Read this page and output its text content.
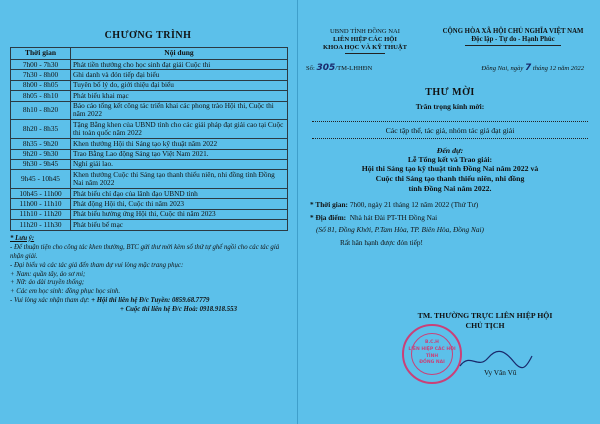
CHƯƠNG TRÌNH
Thời gian	Nội dung
7h00 - 7h30	Phát tiền thưởng cho học sinh đạt giải Cuộc thi
7h30 - 8h00	Ghi danh và đón tiếp đại biểu
8h00 - 8h05	Tuyên bố lý do, giới thiệu đại biểu
8h05 - 8h10	Phát biểu khai mạc
8h10 - 8h20	Báo cáo tổng kết công tác triển khai các phong trào Hội thi, Cuộc thi năm 2022
8h20 - 8h35	Tặng Bằng khen của UBND tỉnh cho các giải pháp đạt giải cao tại Cuộc thi toàn quốc năm 2022
8h35 - 9h20	Khen thưởng Hội thi Sáng tạo kỹ thuật năm 2022
9h20 - 9h30	Trao Bằng Lao động Sáng tạo Việt Nam 2021.
9h30 - 9h45	Nghỉ giải lao.
9h45 - 10h45	Khen thưởng Cuộc thi Sáng tạo thanh thiếu niên, nhi đồng tỉnh Đồng Nai năm 2022
10h45 - 11h00	Phát biểu chỉ đạo của lãnh đạo UBND tỉnh
11h00 - 11h10	Phát động Hội thi, Cuộc thi năm 2023
11h10 - 11h20	Phát biểu hưởng ứng Hội thi, Cuộc thi năm 2023
11h20 - 11h30	Phát biểu bế mạc
* Lưu ý:
- Để thuận tiện cho công tác khen thưởng, BTC gửi thư mời kèm số thứ tự ghế ngồi cho các tác giả nhận giải.
- Đại biểu và các tác giả đến tham dự vui lòng mặc trang phục:
+ Nam: quần tây, áo sơ mi;
+ Nữ: áo dài truyền thống;
+ Các em học sinh: đồng phục học sinh.
- Vui lòng xác nhận tham dự: + Hội thi liên hệ Đ/c Tuyền: 0859.68.7779
+ Cuộc thi liên hệ Đ/c Hoà: 0918.918.553
UBND TỈNH ĐỒNG NAI
LIÊN HIỆP CÁC HỘI
KHOA HỌC VÀ KỸ THUẬT
CỘNG HÒA XÃ HỘI CHỦ NGHĨA VIỆT NAM
Độc lập - Tự do - Hạnh Phúc
Số: 305/TM-LHHĐN	Đồng Nai, ngày 7 tháng 12 năm 2022
THƯ MỜI
Trân trọng kính mời:
Các tập thể, tác giả, nhóm tác giả đạt giải
Đến dự:
Lễ Tổng kết và Trao giải:
Hội thi Sáng tạo kỹ thuật tỉnh Đồng Nai năm 2022 và
Cuộc thi Sáng tạo thanh thiếu niên, nhi đồng
tỉnh Đồng Nai năm 2022.
* Thời gian: 7h00, ngày 21 tháng 12 năm 2022 (Thứ Tư)
* Địa điểm: Nhà hát Đài PT-TH Đồng Nai
(Số 81, Đồng Khởi, P.Tam Hòa, TP. Biên Hòa, Đồng Nai)
Rất hân hạnh được đón tiếp!
TM. THƯỜNG TRỰC LIÊN HIỆP HỘI
CHỦ TỊCH
B.C.H
LIÊN HIỆP CÁC HỘI
TỈNH
ĐỒNG NAI
Vy Văn Vũ
